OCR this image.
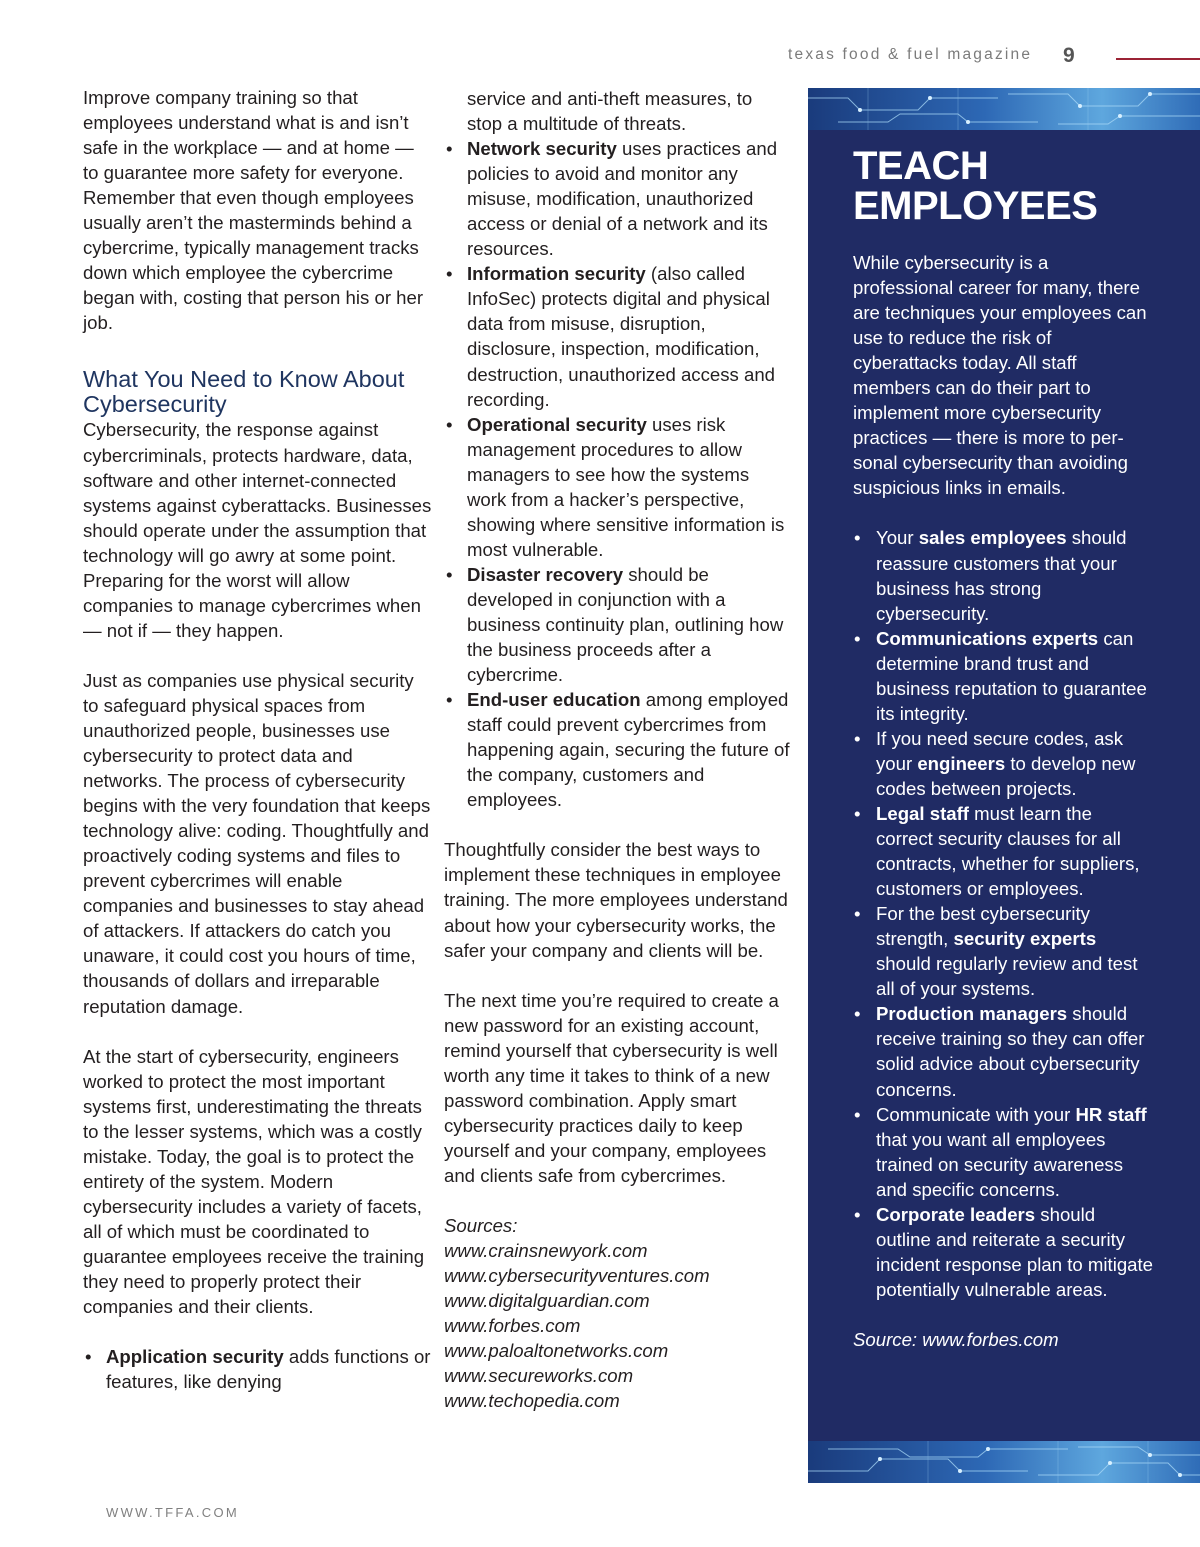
texas food & fuel magazine 9

Improve company training so that employees understand what is and isn’t safe in the workplace — and at home — to guarantee more safety for everyone. Remember that even though employees usually aren’t the masterminds behind a cybercrime, typically management tracks down which employee the cybercrime began with, costing that person his or her job.

What You Need to Know About Cybersecurity

Cybersecurity, the response against cybercriminals, protects hardware, data, software and other internet-connected systems against cyberattacks. Businesses should operate under the assumption that technology will go awry at some point. Preparing for the worst will allow companies to manage cybercrimes when — not if — they happen.

Just as companies use physical security to safeguard physical spaces from unauthorized people, businesses use cybersecurity to protect data and networks. The process of cybersecurity begins with the very foundation that keeps technology alive: coding. Thoughtfully and proactively coding systems and files to prevent cybercrimes will enable companies and businesses to stay ahead of attackers. If attackers do catch you unaware, it could cost you hours of time, thousands of dollars and irreparable reputation damage.

At the start of cybersecurity, engineers worked to protect the most important systems first, underestimating the threats to the lesser systems, which was a costly mistake. Today, the goal is to protect the entirety of the system. Modern cybersecurity includes a variety of facets, all of which must be coordinated to guarantee employees receive the training they need to properly protect their companies and their clients.

• Application security adds functions or features, like denying
service and anti-theft measures, to stop a multitude of threats.
• Network security uses practices and policies to avoid and monitor any misuse, modification, unauthorized access or denial of a network and its resources.
• Information security (also called InfoSec) protects digital and physical data from misuse, disruption, disclosure, inspection, modification, destruction, unauthorized access and recording.
• Operational security uses risk management procedures to allow managers to see how the systems work from a hacker’s perspective, showing where sensitive information is most vulnerable.
• Disaster recovery should be developed in conjunction with a business continuity plan, outlining how the business proceeds after a cybercrime.
• End-user education among employed staff could prevent cybercrimes from happening again, securing the future of the company, customers and employees.

Thoughtfully consider the best ways to implement these techniques in employee training. The more employees understand about how your cybersecurity works, the safer your company and clients will be.

The next time you’re required to create a new password for an existing account, remind yourself that cybersecurity is well worth any time it takes to think of a new password combination. Apply smart cybersecurity practices daily to keep yourself and your company, employees and clients safe from cybercrimes.

Sources:

www.crainsnewyork.com

www.cybersecurityventures.com

www.digitalguardian.com

www.forbes.com

www.paloaltonetworks.com

www.secureworks.com

www.techopedia.com

TEACH
EMPLOYEES

While cybersecurity is a professional career for many, there are techniques your employees can use to reduce the risk of cyberattacks today. All staff members can do their part to implement more cybersecurity practices — there is more to per-sonal cybersecurity than avoiding suspicious links in emails.

• Your sales employees should reassure customers that your business has strong cybersecurity.
• Communications experts can determine brand trust and business reputation to guarantee its integrity.
• If you need secure codes, ask your engineers to develop new codes between projects.
• Legal staff must learn the correct security clauses for all contracts, whether for suppliers, customers or employees.
• For the best cybersecurity strength, security experts should regularly review and test all of your systems.
• Production managers should receive training so they can offer solid advice about cybersecurity concerns.
• Communicate with your HR staff that you want all employees trained on security awareness and specific concerns.
• Corporate leaders should outline and reiterate a security incident response plan to mitigate potentially vulnerable areas.

Source: www.forbes.com

WWW.TFFA.COM
